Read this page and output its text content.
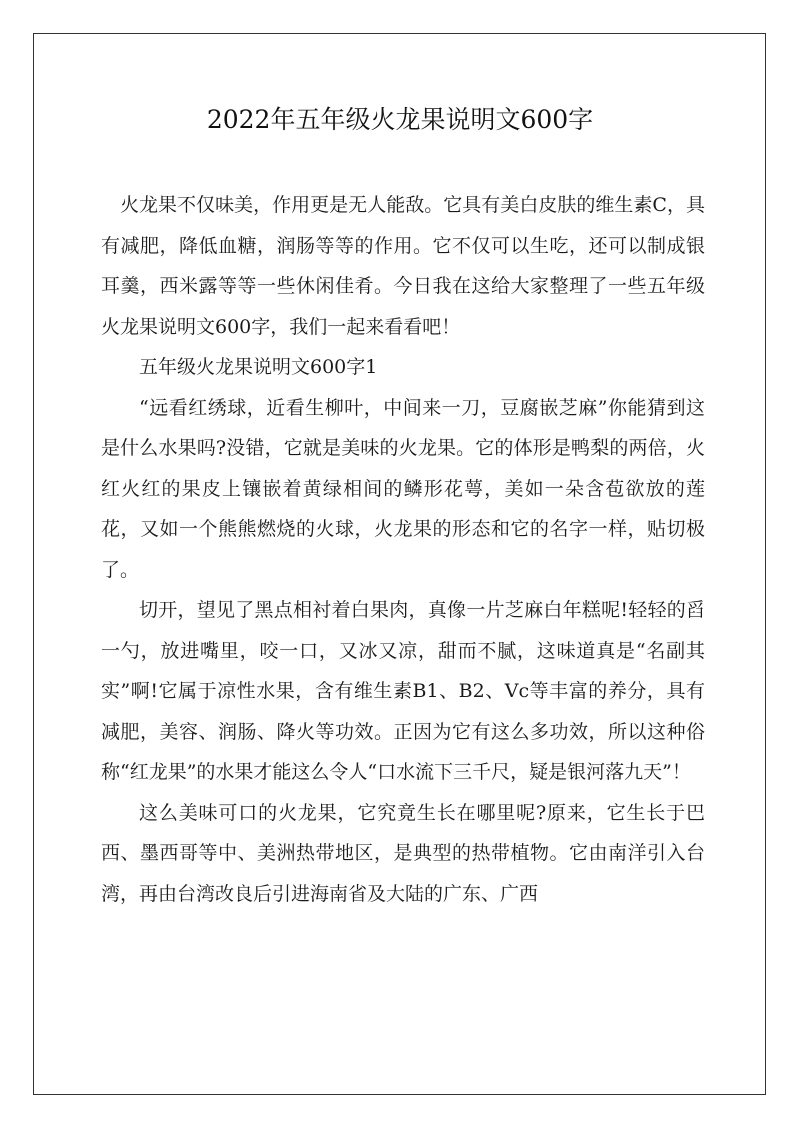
2022年五年级火龙果说明文600字

火龙果不仅味美，作用更是无人能敌。它具有美白皮肤的维生素C，具有减肥，降低血糖，润肠等等的作用。它不仅可以生吃，还可以制成银耳羹，西米露等等一些休闲佳肴。今日我在这给大家整理了一些五年级火龙果说明文600字，我们一起来看看吧！

五年级火龙果说明文600字1

“远看红绣球，近看生柳叶，中间来一刀，豆腐嵌芝麻”你能猜到这是什么水果吗?没错，它就是美味的火龙果。它的体形是鸭梨的两倍，火红火红的果皮上镶嵌着黄绿相间的鳞形花萼，美如一朵含苞欲放的莲花，又如一个熊熊燃烧的火球，火龙果的形态和它的名字一样，贴切极了。

切开，望见了黑点相衬着白果肉，真像一片芝麻白年糕呢!轻轻的舀一勺，放进嘴里，咬一口，又冰又凉，甜而不腻，这味道真是“名副其实”啊!它属于凉性水果，含有维生素B1、B2、Vc等丰富的养分，具有减肥，美容、润肠、降火等功效。正因为它有这么多功效，所以这种俗称“红龙果”的水果才能这么令人“口水流下三千尺，疑是银河落九天”！

这么美味可口的火龙果，它究竟生长在哪里呢?原来，它生长于巴西、墨西哥等中、美洲热带地区，是典型的热带植物。它由南洋引入台湾，再由台湾改良后引进海南省及大陆的广东、广西
